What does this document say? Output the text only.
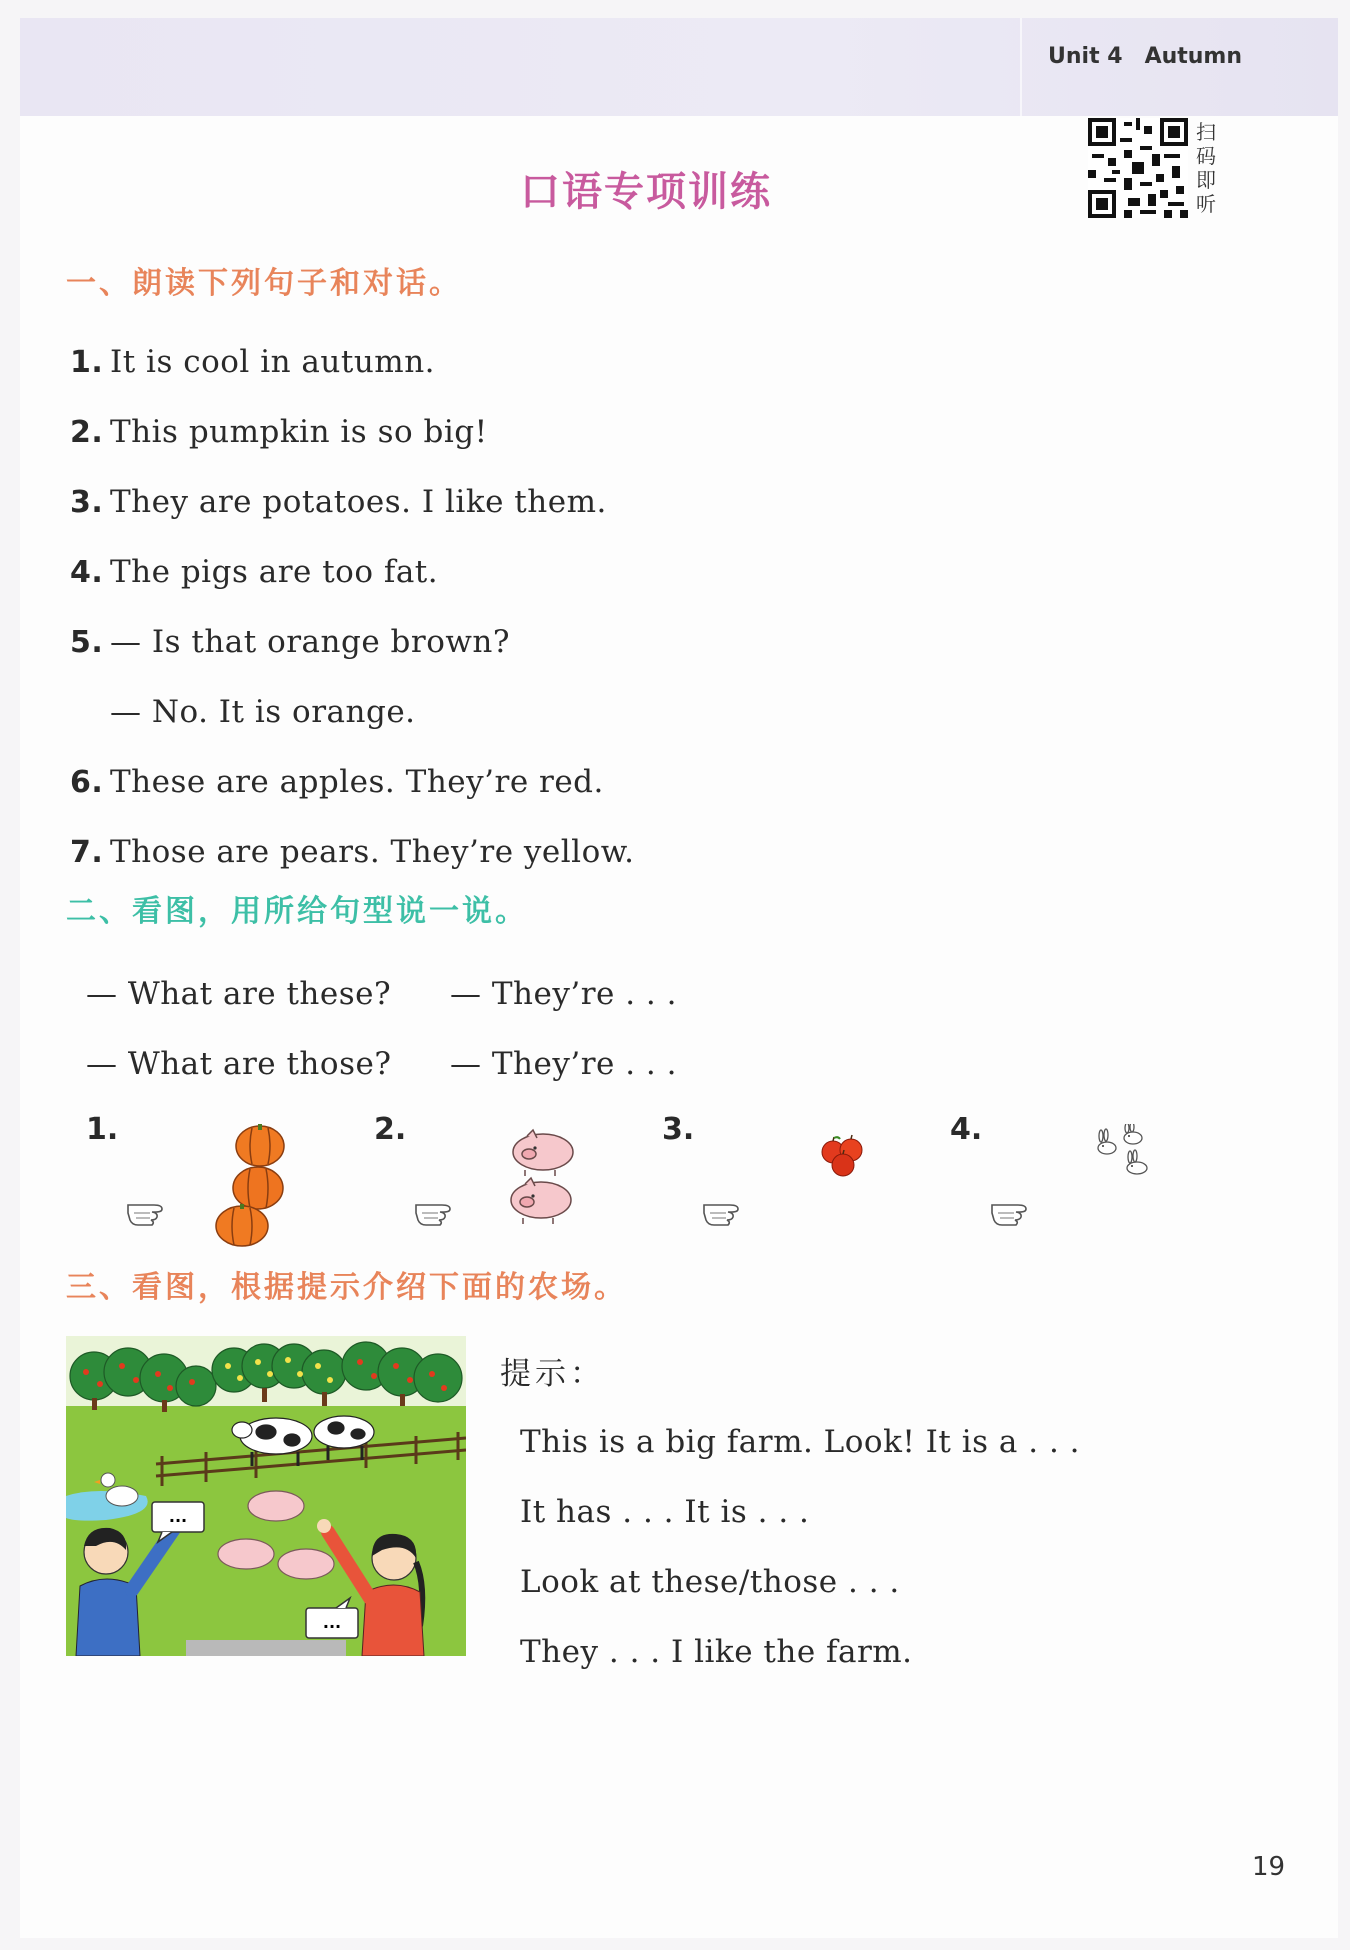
Unit 4 Autumn
口语专项训练
扫码即听
一、朗读下列句子和对话。
1. It is cool in autumn.
2. This pumpkin is so big!
3. They are potatoes. I like them.
4. The pigs are too fat.
5. — Is that orange brown?
— No. It is orange.
6. These are apples. They’re red.
7. Those are pears. They’re yellow.
二、看图，用所给句型说一说。
— What are these? — They’re . . .
— What are those? — They’re . . .
1.	2.	3.	4.
三、看图，根据提示介绍下面的农场。
...
...
提示：
This is a big farm. Look! It is a . . .
It has . . . It is . . .
Look at these/those . . .
They . . . I like the farm.
19
